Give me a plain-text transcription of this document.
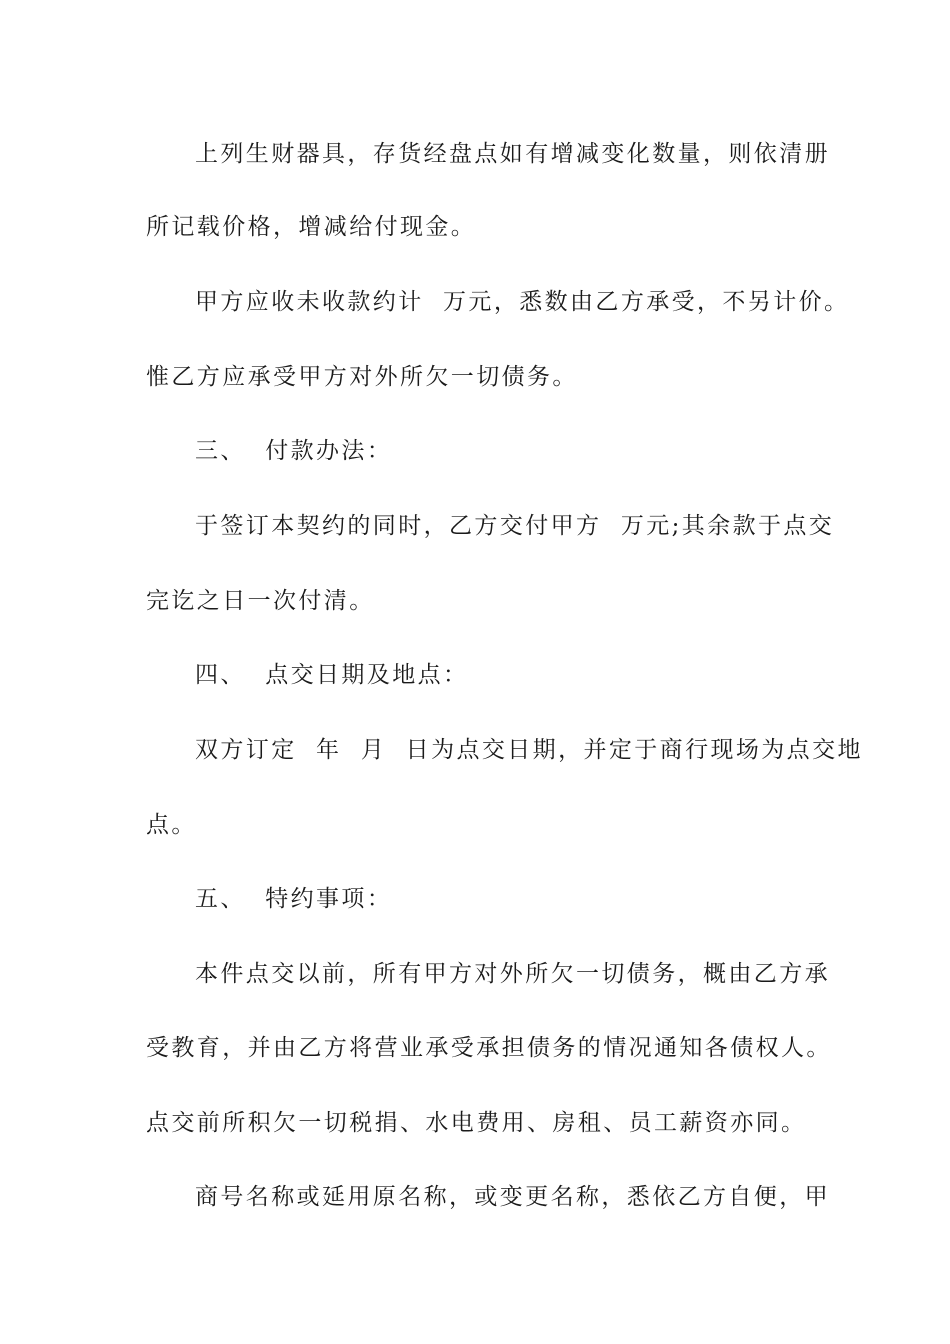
上列生财器具，存货经盘点如有增减变化数量，则依清册
所记载价格，增减给付现金。
甲方应收未收款约计  万元，悉数由乙方承受，不另计价。
惟乙方应承受甲方对外所欠一切债务。
三、  付款办法：
于签订本契约的同时，乙方交付甲方  万元;其余款于点交
完讫之日一次付清。
四、  点交日期及地点：
双方订定  年  月  日为点交日期，并定于商行现场为点交地
点。
五、  特约事项：
本件点交以前，所有甲方对外所欠一切债务，概由乙方承
受教育，并由乙方将营业承受承担债务的情况通知各债权人。
点交前所积欠一切税捐、水电费用、房租、员工薪资亦同。
商号名称或延用原名称，或变更名称，悉依乙方自便，甲
